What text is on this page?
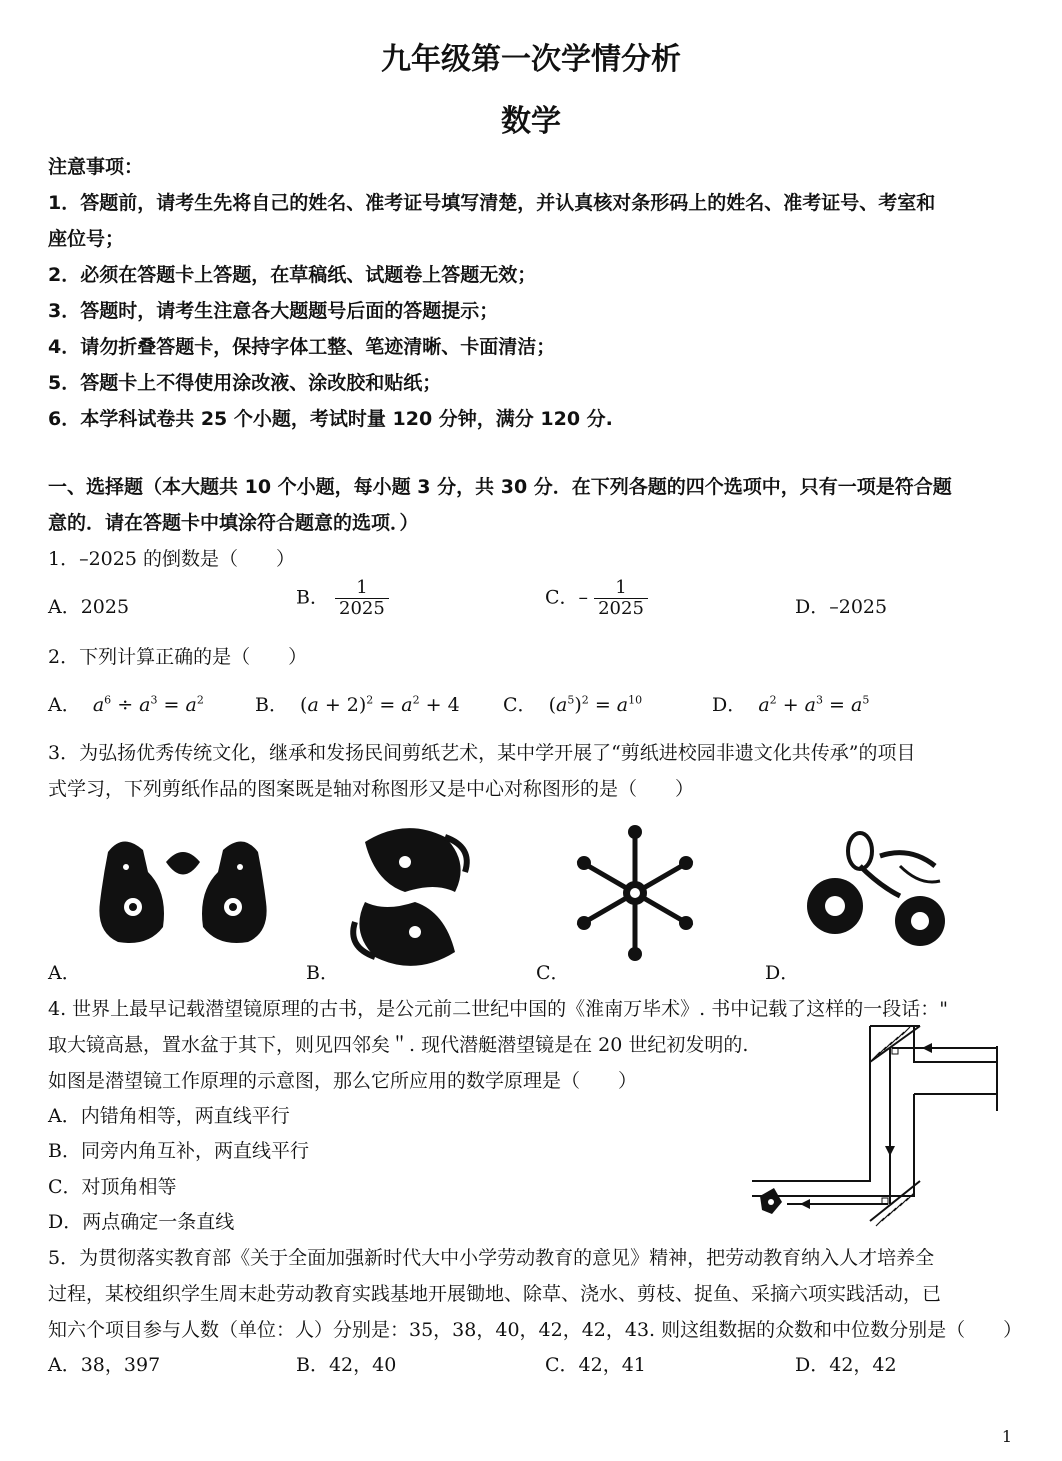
九年级第一次学情分析
数学
注意事项：
1．答题前，请考生先将自己的姓名、准考证号填写清楚，并认真核对条形码上的姓名、准考证号、考室和
座位号；
2．必须在答题卡上答题，在草稿纸、试题卷上答题无效；
3．答题时，请考生注意各大题题号后面的答题提示；
4．请勿折叠答题卡，保持字体工整、笔迹清晰、卡面清洁；
5．答题卡上不得使用涂改液、涂改胶和贴纸；
6．本学科试卷共 25 个小题，考试时量 120 分钟，满分 120 分.
一、选择题（本大题共 10 个小题，每小题 3 分，共 30 分．在下列各题的四个选项中，只有一项是符合题
意的．请在答题卡中填涂符合题意的选项．）
1．–2025 的倒数是（　　）
A．2025	B． $\frac{1}{2025}$	C．– $\frac{1}{2025}$	D．–2025
2．下列计算正确的是（　　）
A． $a^6 \div a^3 = a^2$	B．  $(a + 2)^2 = a^2 + 4$ C．  $(a^5)^2 = a^{10}$	D． $a^2 + a^3 = a^5$
3．为弘扬优秀传统文化，继承和发扬民间剪纸艺术，某中学开展了“剪纸进校园非遗文化共传承”的项目
式学习，下列剪纸作品的图案既是轴对称图形又是中心对称图形的是（　　）
A．	B．	C．	D．
4. 世界上最早记载潜望镜原理的古书，是公元前二世纪中国的《淮南万毕术》. 书中记载了这样的一段话："
取大镜高悬，置水盆于其下，则见四邻矣＂. 现代潜艇潜望镜是在 20 世纪初发明的.
如图是潜望镜工作原理的示意图，那么它所应用的数学原理是（　　）
A．内错角相等，两直线平行
B．同旁内角互补，两直线平行
C．对顶角相等
D．两点确定一条直线
5．为贯彻落实教育部《关于全面加强新时代大中小学劳动教育的意见》精神，把劳动教育纳入人才培养全
过程，某校组织学生周末赴劳动教育实践基地开展锄地、除草、浇水、剪枝、捉鱼、采摘六项实践活动，已
知六个项目参与人数（单位：人）分别是：35，38，40，42，42，43. 则这组数据的众数和中位数分别是（　　）
A．38，397	B．42，40	C．42，41	D．42，42
1
